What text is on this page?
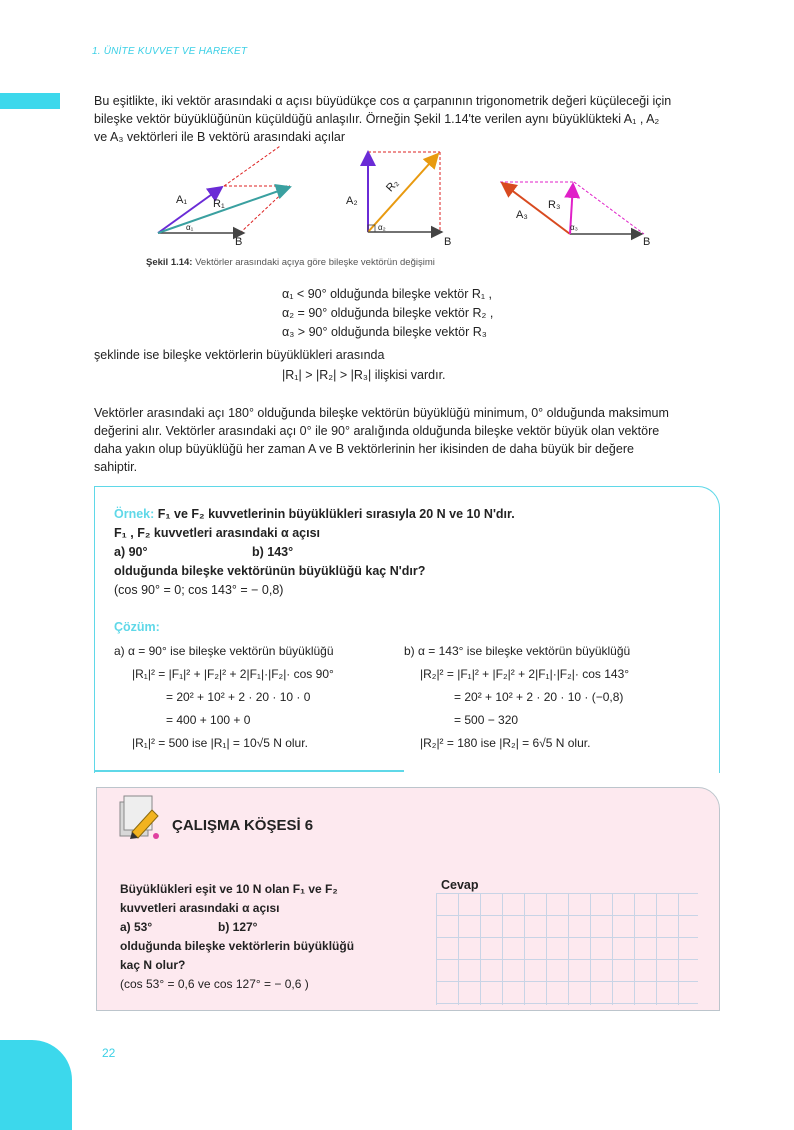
1. ÜNİTE KUVVET VE HAREKET
Bu eşitlikte, iki vektör arasındaki α açısı büyüdükçe cos α çarpanının trigonometrik değeri küçüleceği için
bileşke vektör büyüklüğünün küçüldüğü anlaşılır. Örneğin Şekil 1.14'te verilen aynı büyüklükteki A₁ , A₂
ve A₃ vektörleri ile B vektörü arasındaki açılar
A₁ R₁
B
α₁
A₂
R₂
B
α₂
A₃
R₃
B
α₃
Şekil 1.14: Vektörler arasındaki açıya göre bileşke vektörün değişimi
α₁ < 90° olduğunda bileşke vektör R₁ ,
α₂ = 90° olduğunda bileşke vektör R₂ ,
α₃ > 90° olduğunda bileşke vektör R₃
şeklinde ise bileşke vektörlerin büyüklükleri arasında
|R₁| > |R₂| > |R₃| ilişkisi vardır.
Vektörler arasındaki açı 180° olduğunda bileşke vektörün büyüklüğü minimum, 0° olduğunda maksimum
değerini alır. Vektörler arasındaki açı 0° ile 90° aralığında olduğunda bileşke vektör büyük olan vektöre
daha yakın olup büyüklüğü her zaman A ve B vektörlerinin her ikisinden de daha büyük bir değere
sahiptir.
Örnek: F₁ ve F₂ kuvvetlerinin büyüklükleri sırasıyla 20 N ve 10 N'dır.
F₁ , F₂ kuvvetleri arasındaki α açısı
a) 90°	b) 143°
olduğunda bileşke vektörünün büyüklüğü kaç N'dır?
(cos 90° = 0; cos 143° = − 0,8)
Çözüm:
a) α = 90° ise bileşke vektörün büyüklüğü
|R₁|² = |F₁|² + |F₂|² + 2|F₁|·|F₂|· cos 90°
= 20² + 10² + 2 · 20 · 10 · 0
= 400 + 100 + 0
|R₁|² = 500 ise |R₁| = 10√5 N olur.
b) α = 143° ise bileşke vektörün büyüklüğü
|R₂|² = |F₁|² + |F₂|² + 2|F₁|·|F₂|· cos 143°
= 20² + 10² + 2 · 20 · 10 · (−0,8)
= 500 − 320
|R₂|² = 180 ise |R₂| = 6√5 N olur.
ÇALIŞMA KÖŞESİ 6
Büyüklükleri eşit ve 10 N olan F₁ ve F₂
kuvvetleri arasındaki α açısı
a) 53°	b) 127°
olduğunda bileşke vektörlerin büyüklüğü
kaç N olur?
(cos 53° = 0,6 ve cos 127° = − 0,6 )
Cevap
22
